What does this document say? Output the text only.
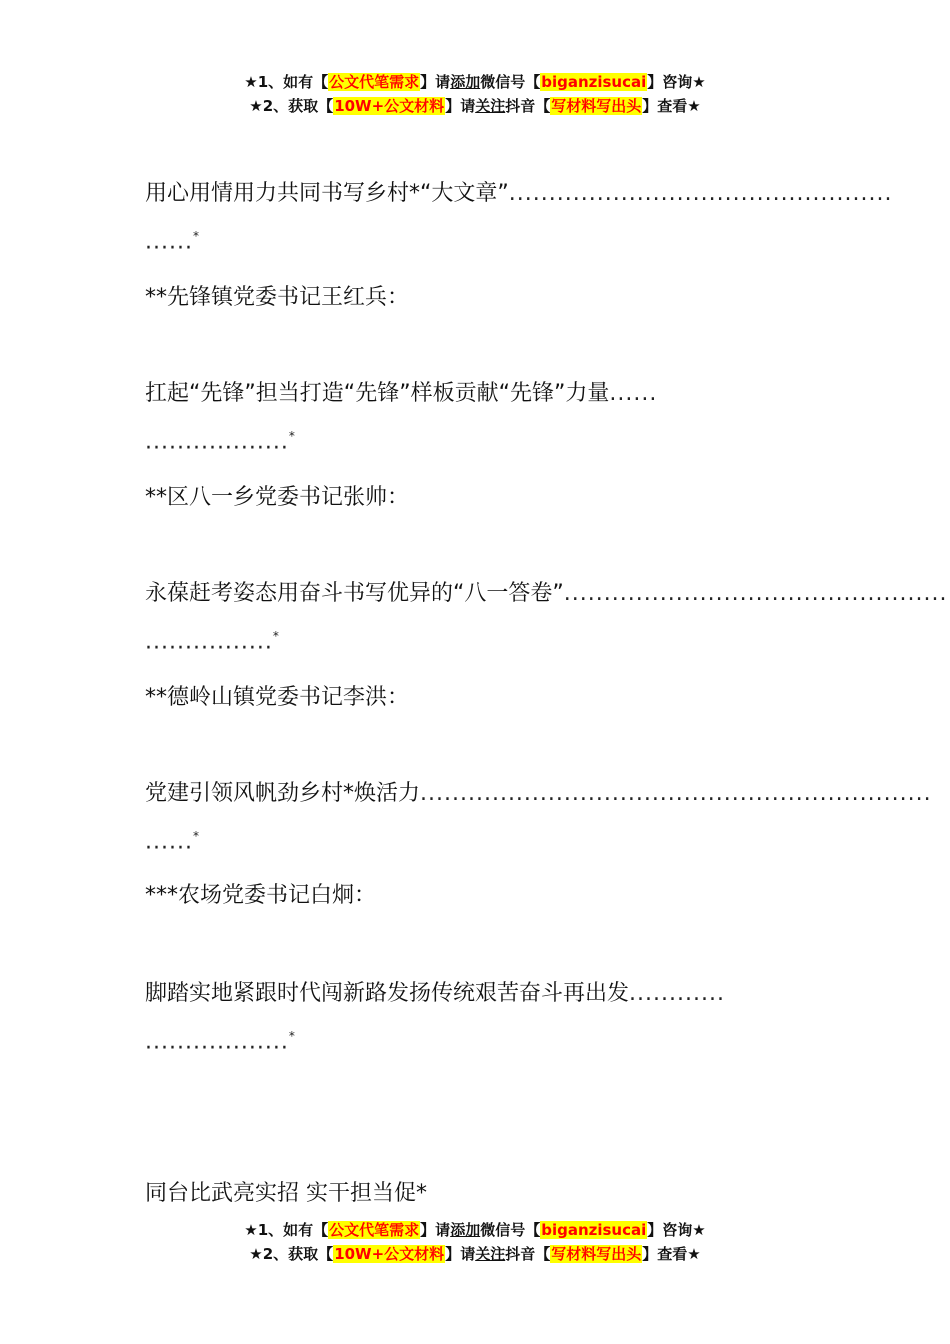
★1、如有【公文代笔需求】请添加微信号【biganzisucai】咨询★
★2、获取【10W+公文材料】请关注抖音【写材料写出头】查看★
用心用情用力共同书写乡村*“大文章” ................................................
......*
**先锋镇党委书记王红兵：
扛起“先锋”担当打造“先锋”样板贡献“先锋”力量 ......
..................*
**区八一乡党委书记张帅：
永葆赶考姿态用奋斗书写优异的“八一答卷” ................................................
................*
**德岭山镇党委书记李洪：
党建引领风帆劲乡村*焕活力 ................................................................
......*
***农场党委书记白炯：
脚踏实地紧跟时代闯新路发扬传统艰苦奋斗再出发 ............
..................*
同台比武亮实招 实干担当促*
★1、如有【公文代笔需求】请添加微信号【biganzisucai】咨询★
★2、获取【10W+公文材料】请关注抖音【写材料写出头】查看★
